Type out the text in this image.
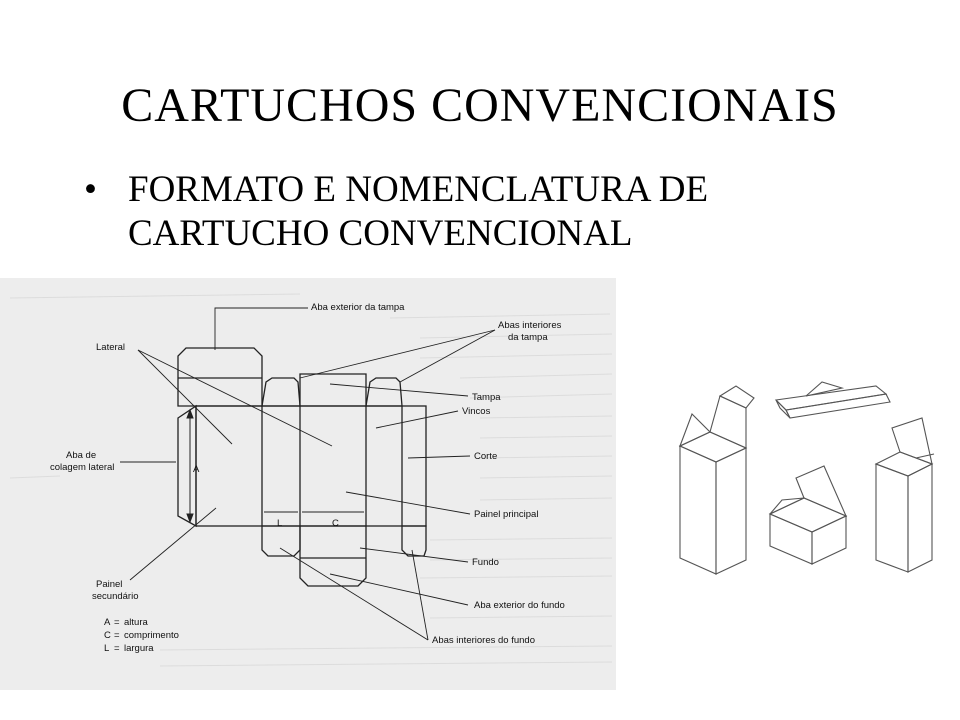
CARTUCHOS CONVENCIONAIS
• FORMATO E NOMENCLATURA DE CARTUCHO CONVENCIONAL
A
L	C
Aba exterior da tampa
Abas interiores
da tampa
Lateral
Tampa
Vincos
Corte
Aba de
colagem lateral
Painel principal
Fundo
Painel
secundário
Aba exterior do fundo
Abas interiores do fundo
A = altura
C = comprimento
L = largura
